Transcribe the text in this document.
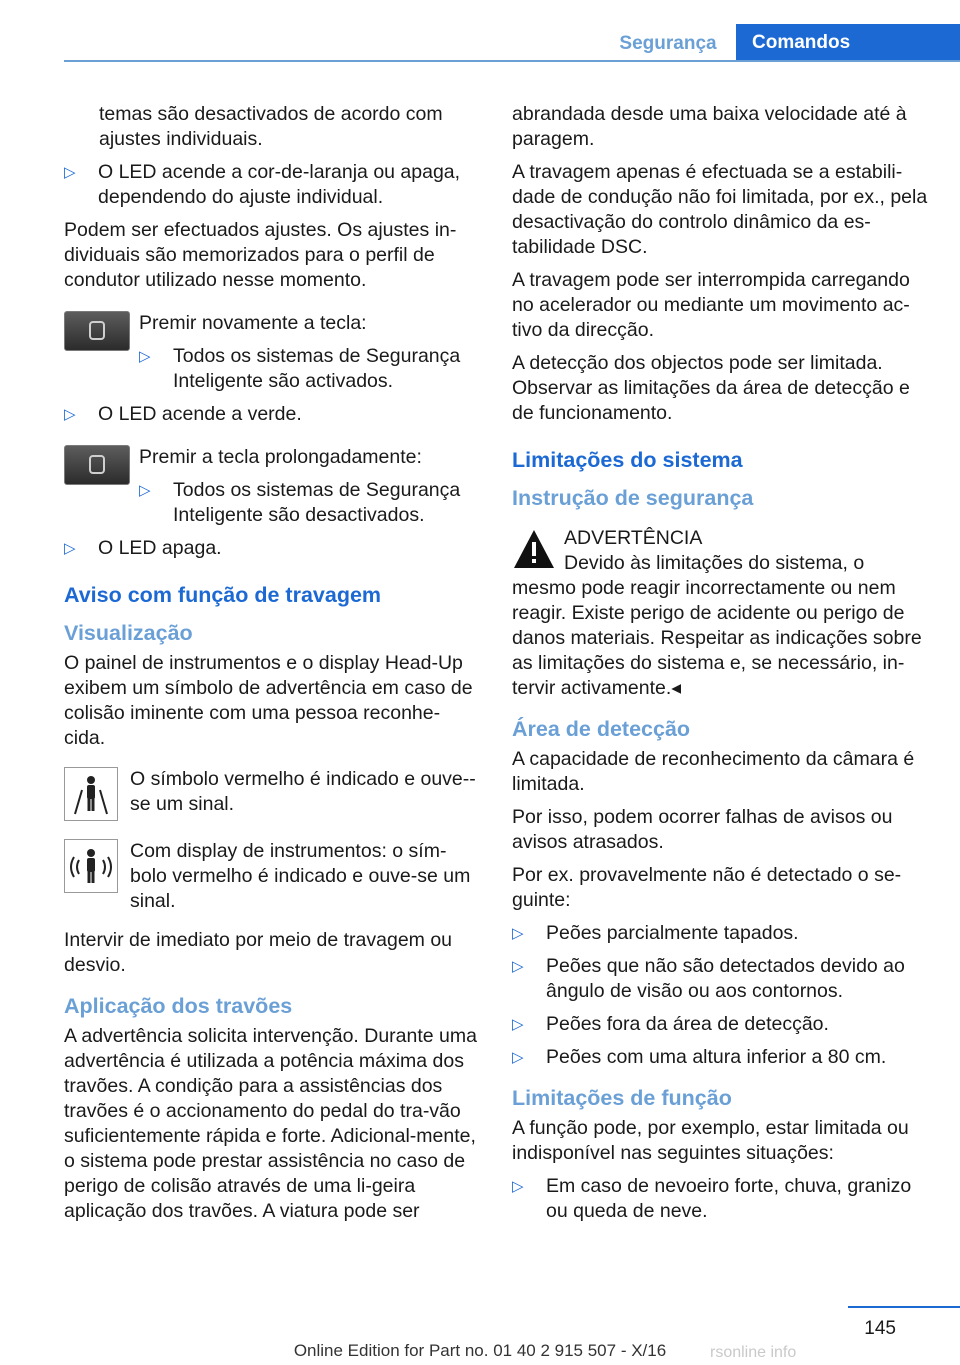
Segurança	Comandos

temas são desactivados de acordo com ajustes individuais.

▷ O LED acende a cor-de-laranja ou apaga, dependendo do ajuste individual.

Podem ser efectuados ajustes. Os ajustes in-dividuais são memorizados para o perfil de condutor utilizado nesse momento.

Premir novamente a tecla:
▷ Todos os sistemas de Segurança Inteligente são activados.
▷ O LED acende a verde.
Premir a tecla prolongadamente:
▷ Todos os sistemas de Segurança Inteligente são desactivados.
▷ O LED apaga.
Aviso com função de travagem
Visualização

O painel de instrumentos e o display Head-Up exibem um símbolo de advertência em caso de colisão iminente com uma pessoa reconhe-cida.

O símbolo vermelho é indicado e ouve--se um sinal.
Com display de instrumentos: o sím-bolo vermelho é indicado e ouve-se um sinal.

Intervir de imediato por meio de travagem ou desvio.

Aplicação dos travões

A advertência solicita intervenção. Durante uma advertência é utilizada a potência máxima dos travões. A condição para a assistências dos travões é o accionamento do pedal do tra-vão suficientemente rápida e forte. Adicional-mente, o sistema pode prestar assistência no caso de perigo de colisão através de uma li-geira aplicação dos travões. A viatura pode ser

abrandada desde uma baixa velocidade até à paragem.

A travagem apenas é efectuada se a estabili-dade de condução não foi limitada, por ex., pela desactivação do controlo dinâmico da es-tabilidade DSC.

A travagem pode ser interrompida carregando no acelerador ou mediante um movimento ac-tivo da direcção.

A detecção dos objectos pode ser limitada. Observar as limitações da área de detecção e de funcionamento.

Limitações do sistema
Instrução de segurança
ADVERTÊNCIA
Devido às limitações do sistema, o mesmo pode reagir incorrectamente ou nem reagir. Existe perigo de acidente ou perigo de danos materiais. Respeitar as indicações sobre as limitações do sistema e, se necessário, in-tervir activamente.◂
Área de detecção

A capacidade de reconhecimento da câmara é limitada.

Por isso, podem ocorrer falhas de avisos ou avisos atrasados.

Por ex. provavelmente não é detectado o se-guinte:

▷ Peões parcialmente tapados.
▷ Peões que não são detectados devido ao ângulo de visão ou aos contornos.
▷ Peões fora da área de detecção.
▷ Peões com uma altura inferior a 80 cm.
Limitações de função

A função pode, por exemplo, estar limitada ou indisponível nas seguintes situações:

▷ Em caso de nevoeiro forte, chuva, granizo ou queda de neve.
145
Online Edition for Part no. 01 40 2 915 507 - X/16	rsonline info
